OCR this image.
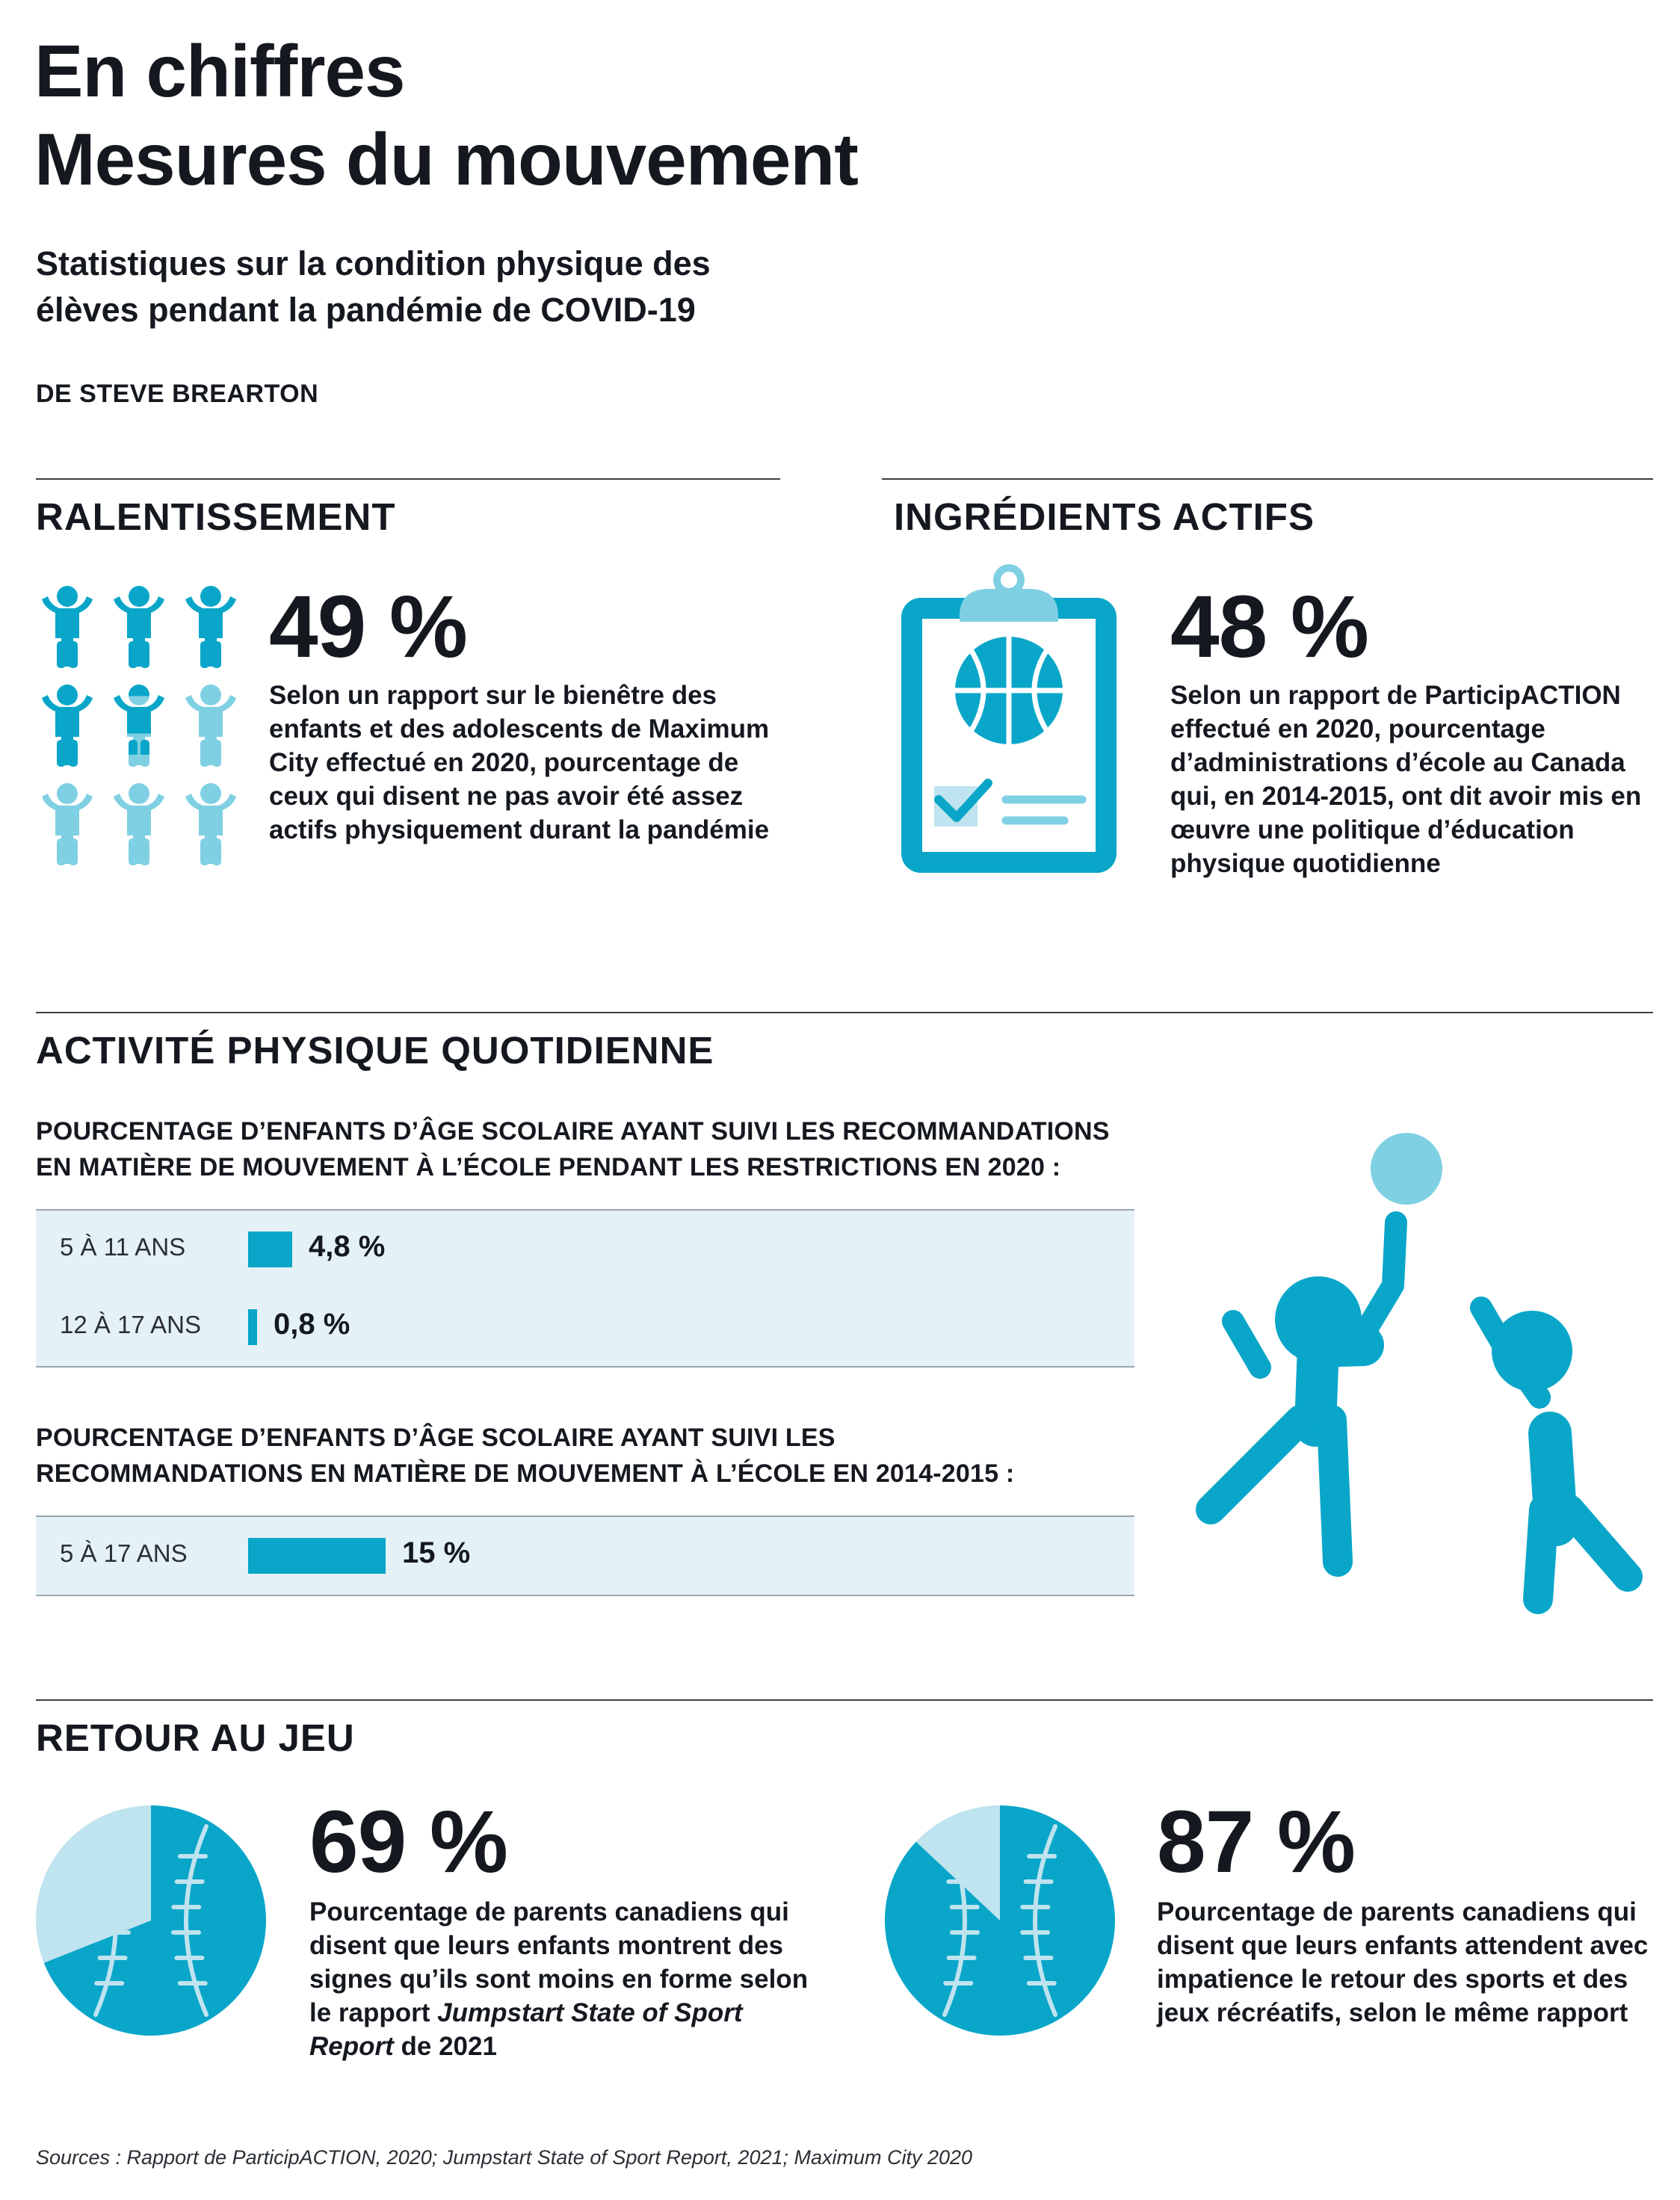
En chiffres
Mesures du mouvement
Statistiques sur la condition physique des
élèves pendant la pandémie de COVID-19
DE STEVE BREARTON
RALENTISSEMENT
49 %
Selon un rapport sur le bienêtre des enfants et des adolescents de Maximum City effectué en 2020, pourcentage de ceux qui disent ne pas avoir été assez actifs physiquement durant la pandémie
INGRÉDIENTS ACTIFS
48 %
Selon un rapport de ParticipACTION effectué en 2020, pourcentage d’administrations d’école au Canada qui, en 2014-2015, ont dit avoir mis en œuvre une politique d’éducation physique quotidienne
ACTIVITÉ PHYSIQUE QUOTIDIENNE
POURCENTAGE D’ENFANTS D’ÂGE SCOLAIRE AYANT SUIVI LES RECOMMANDATIONS
EN MATIÈRE DE MOUVEMENT À L’ÉCOLE PENDANT LES RESTRICTIONS EN 2020 :
5 À 11 ANS	4,8 %
12 À 17 ANS 0,8 %
POURCENTAGE D’ENFANTS D’ÂGE SCOLAIRE AYANT SUIVI LES
RECOMMANDATIONS EN MATIÈRE DE MOUVEMENT À L’ÉCOLE EN 2014-2015 :
5 À 17 ANS	15 %
RETOUR AU JEU
69 %
Pourcentage de parents canadiens qui disent que leurs enfants montrent des signes qu’ils sont moins en forme selon le rapport Jumpstart State of Sport Report de 2021
87 %
Pourcentage de parents canadiens qui disent que leurs enfants attendent avec impatience le retour des sports et des jeux récréatifs, selon le même rapport
Sources : Rapport de ParticipACTION, 2020; Jumpstart State of Sport Report, 2021; Maximum City 2020
